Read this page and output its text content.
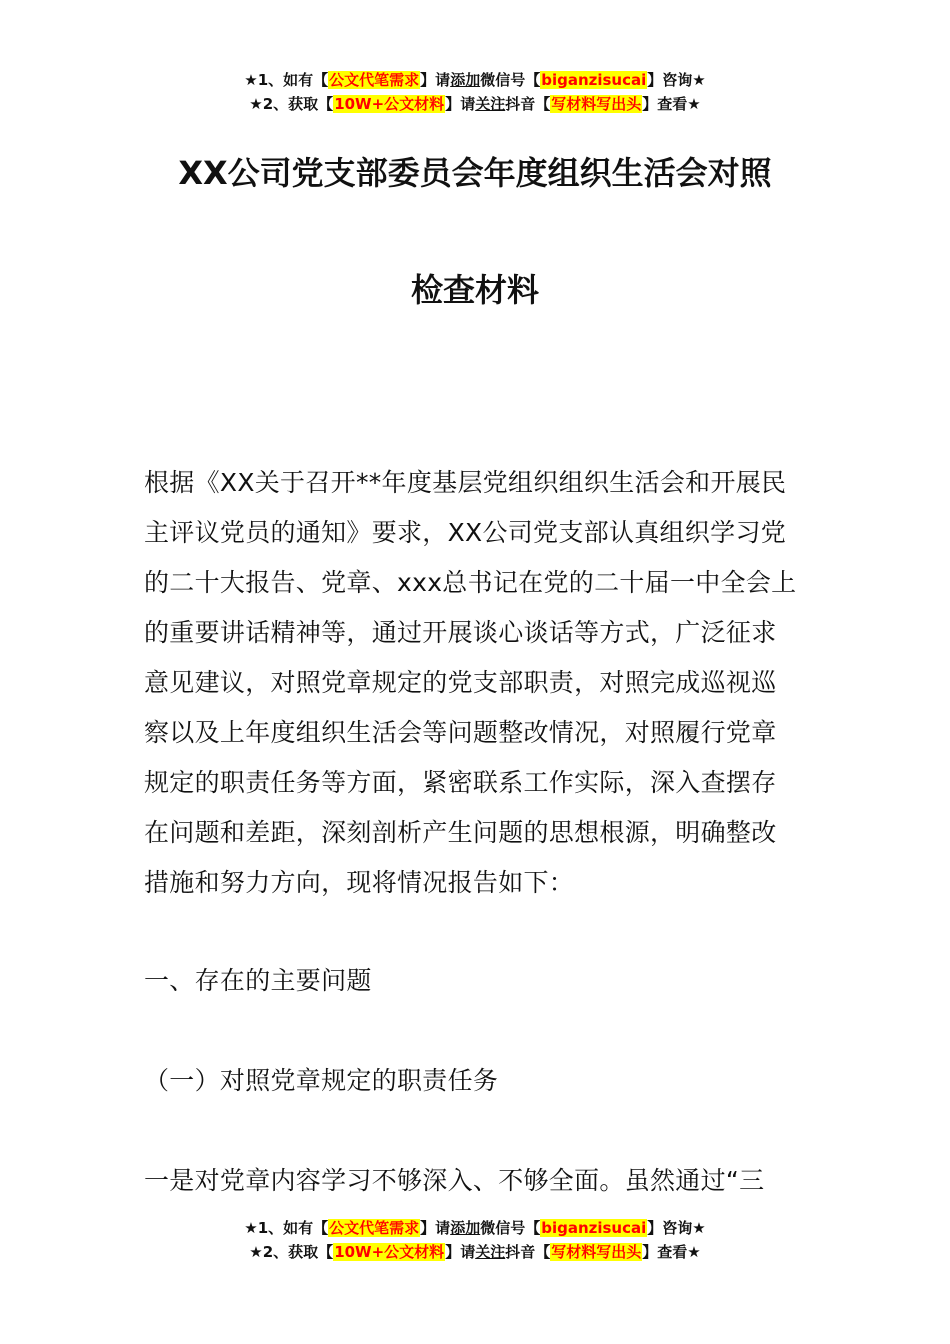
★1、如有【公文代笔需求】请添加微信号【biganzisucai】咨询★
★2、获取【10W+公文材料】请关注抖音【写材料写出头】查看★
XX公司党支部委员会年度组织生活会对照
检查材料
根据《XX关于召开**年度基层党组织组织生活会和开展民
主评议党员的通知》要求，XX公司党支部认真组织学习党
的二十大报告、党章、xxx总书记在党的二十届一中全会上
的重要讲话精神等，通过开展谈心谈话等方式，广泛征求
意见建议，对照党章规定的党支部职责，对照完成巡视巡
察以及上年度组织生活会等问题整改情况，对照履行党章
规定的职责任务等方面，紧密联系工作实际，深入查摆存
在问题和差距，深刻剖析产生问题的思想根源，明确整改
措施和努力方向，现将情况报告如下：
一、存在的主要问题
（一）对照党章规定的职责任务
一是对党章内容学习不够深入、不够全面。虽然通过“三
★1、如有【公文代笔需求】请添加微信号【biganzisucai】咨询★
★2、获取【10W+公文材料】请关注抖音【写材料写出头】查看★
